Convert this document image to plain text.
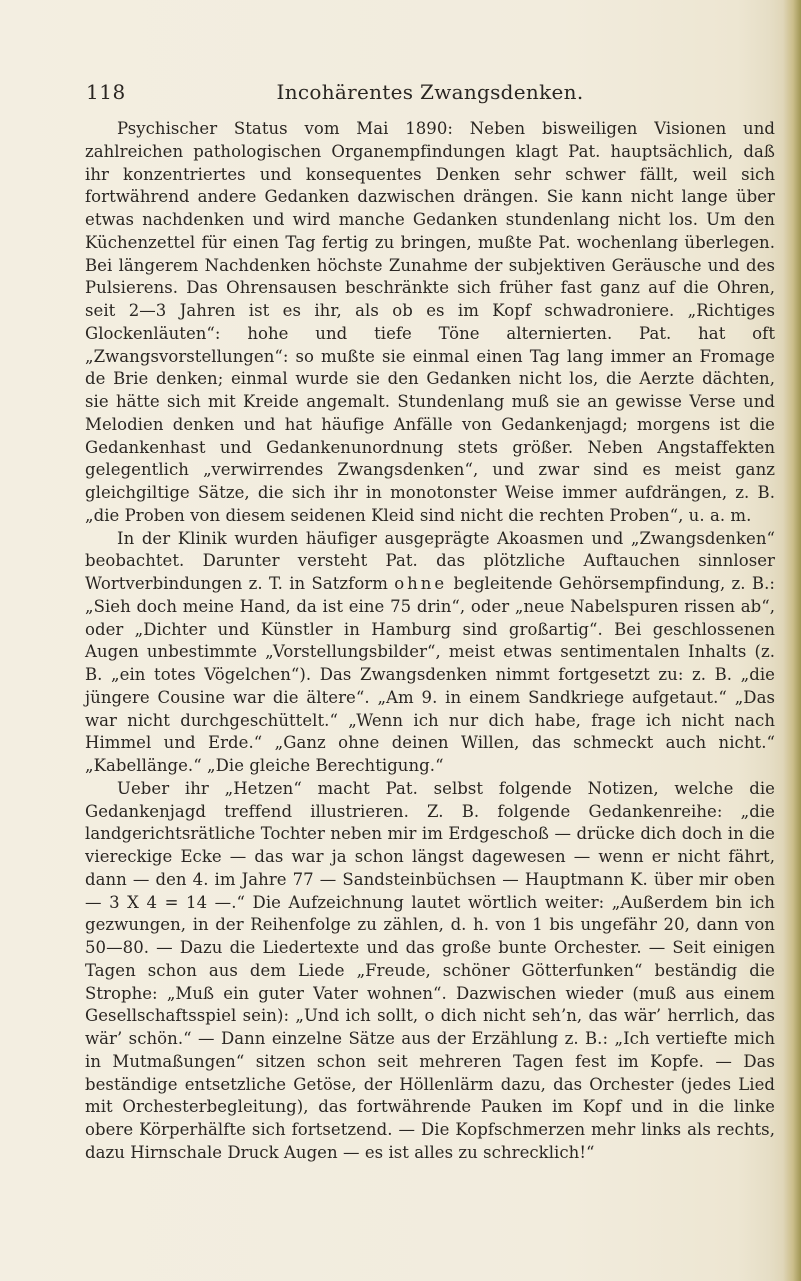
118	Incohärentes Zwangsdenken.

Psychischer Status vom Mai 1890: Neben bisweiligen Visionen und zahlreichen pathologischen Organempfindungen klagt Pat. hauptsächlich, daß ihr konzentriertes und konsequentes Denken sehr schwer fällt, weil sich fortwährend andere Gedanken dazwischen drängen. Sie kann nicht lange über etwas nachdenken und wird manche Gedanken stundenlang nicht los. Um den Küchenzettel für einen Tag fertig zu bringen, mußte Pat. wochenlang überlegen. Bei längerem Nachdenken höchste Zunahme der subjektiven Geräusche und des Pulsierens. Das Ohrensausen beschränkte sich früher fast ganz auf die Ohren, seit 2—3 Jahren ist es ihr, als ob es im Kopf schwadroniere. „Richtiges Glockenläuten“: hohe und tiefe Töne alternierten. Pat. hat oft „Zwangsvorstellungen“: so mußte sie einmal einen Tag lang immer an Fromage de Brie denken; einmal wurde sie den Gedanken nicht los, die Aerzte dächten, sie hätte sich mit Kreide angemalt. Stundenlang muß sie an gewisse Verse und Melodien denken und hat häufige Anfälle von Gedankenjagd; morgens ist die Gedankenhast und Gedankenunordnung stets größer. Neben Angstaffekten gelegentlich „verwirrendes Zwangsdenken“, und zwar sind es meist ganz gleichgiltige Sätze, die sich ihr in monotonster Weise immer aufdrängen, z. B. „die Proben von diesem seidenen Kleid sind nicht die rechten Proben“, u. a. m.

In der Klinik wurden häufiger ausgeprägte Akoasmen und „Zwangsdenken“ beobachtet. Darunter versteht Pat. das plötzliche Auftauchen sinnloser Wortverbindungen z. T. in Satzform ohne begleitende Gehörsempfindung, z. B.: „Sieh doch meine Hand, da ist eine 75 drin“, oder „neue Nabelspuren rissen ab“, oder „Dichter und Künstler in Hamburg sind großartig“. Bei geschlossenen Augen unbestimmte „Vorstellungsbilder“, meist etwas sentimentalen Inhalts (z. B. „ein totes Vögelchen“). Das Zwangsdenken nimmt fortgesetzt zu: z. B. „die jüngere Cousine war die ältere“. „Am 9. in einem Sandkriege aufgetaut.“ „Das war nicht durchgeschüttelt.“ „Wenn ich nur dich habe, frage ich nicht nach Himmel und Erde.“ „Ganz ohne deinen Willen, das schmeckt auch nicht.“ „Kabellänge.“ „Die gleiche Berechtigung.“

Ueber ihr „Hetzen“ macht Pat. selbst folgende Notizen, welche die Gedankenjagd treffend illustrieren. Z. B. folgende Gedankenreihe: „die landgerichtsrätliche Tochter neben mir im Erdgeschoß — drücke dich doch in die viereckige Ecke — das war ja schon längst dagewesen — wenn er nicht fährt, dann — den 4. im Jahre 77 — Sandsteinbüchsen — Hauptmann K. über mir oben — 3 X 4 = 14 —.“ Die Aufzeichnung lautet wörtlich weiter: „Außerdem bin ich gezwungen, in der Reihenfolge zu zählen, d. h. von 1 bis ungefähr 20, dann von 50—80. — Dazu die Liedertexte und das große bunte Orchester. — Seit einigen Tagen schon aus dem Liede „Freude, schöner Götterfunken“ beständig die Strophe: „Muß ein guter Vater wohnen“. Dazwischen wieder (muß aus einem Gesellschaftsspiel sein): „Und ich sollt, o dich nicht seh’n, das wär’ herrlich, das wär’ schön.“ — Dann einzelne Sätze aus der Erzählung z. B.: „Ich vertiefte mich in Mutmaßungen“ sitzen schon seit mehreren Tagen fest im Kopfe. — Das beständige entsetzliche Getöse, der Höllenlärm dazu, das Orchester (jedes Lied mit Orchesterbegleitung), das fortwährende Pauken im Kopf und in die linke obere Körperhälfte sich fortsetzend. — Die Kopfschmerzen mehr links als rechts, dazu Hirnschale Druck Augen — es ist alles zu schrecklich!“
